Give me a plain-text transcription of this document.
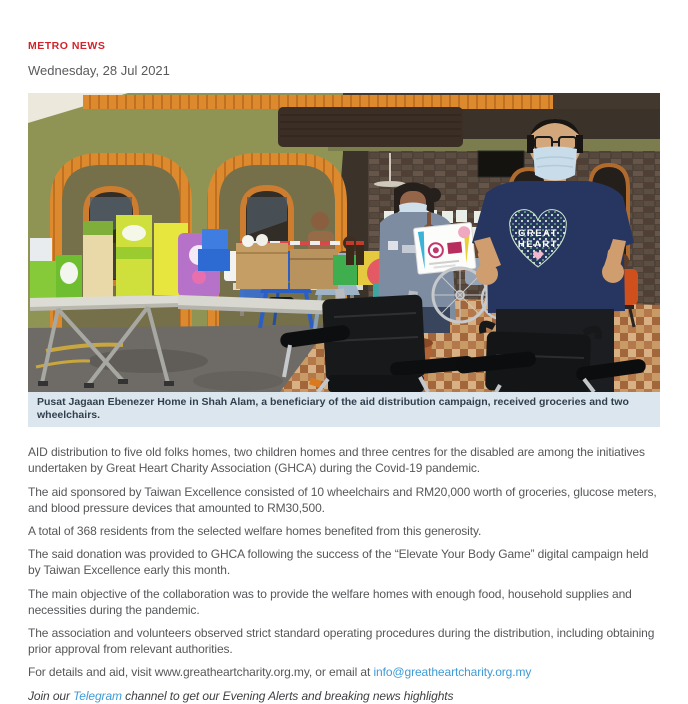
METRO NEWS
Wednesday, 28 Jul 2021
GREAT
HEART
Pusat Jagaan Ebenezer Home in Shah Alam, a beneficiary of the aid distribution campaign, received groceries and two wheelchairs.

AID distribution to five old folks homes, two children homes and three centres for the disabled are among the initiatives undertaken by Great Heart Charity Association (GHCA) during the Covid-19 pandemic.

The aid sponsored by Taiwan Excellence consisted of 10 wheelchairs and RM20,000 worth of groceries, glucose meters, and blood pressure devices that amounted to RM30,500.

A total of 368 residents from the selected welfare homes benefited from this generosity.

The said donation was provided to GHCA following the success of the “Elevate Your Body Game” digital campaign held by Taiwan Excellence early this month.

The main objective of the collaboration was to provide the welfare homes with enough food, household supplies and necessities during the pandemic.

The association and volunteers observed strict standard operating procedures during the distribution, including obtaining prior approval from relevant authorities.

For details and aid, visit www.greatheartcharity.org.my, or email at info@greatheartcharity.org.my

Join our Telegram channel to get our Evening Alerts and breaking news highlights
